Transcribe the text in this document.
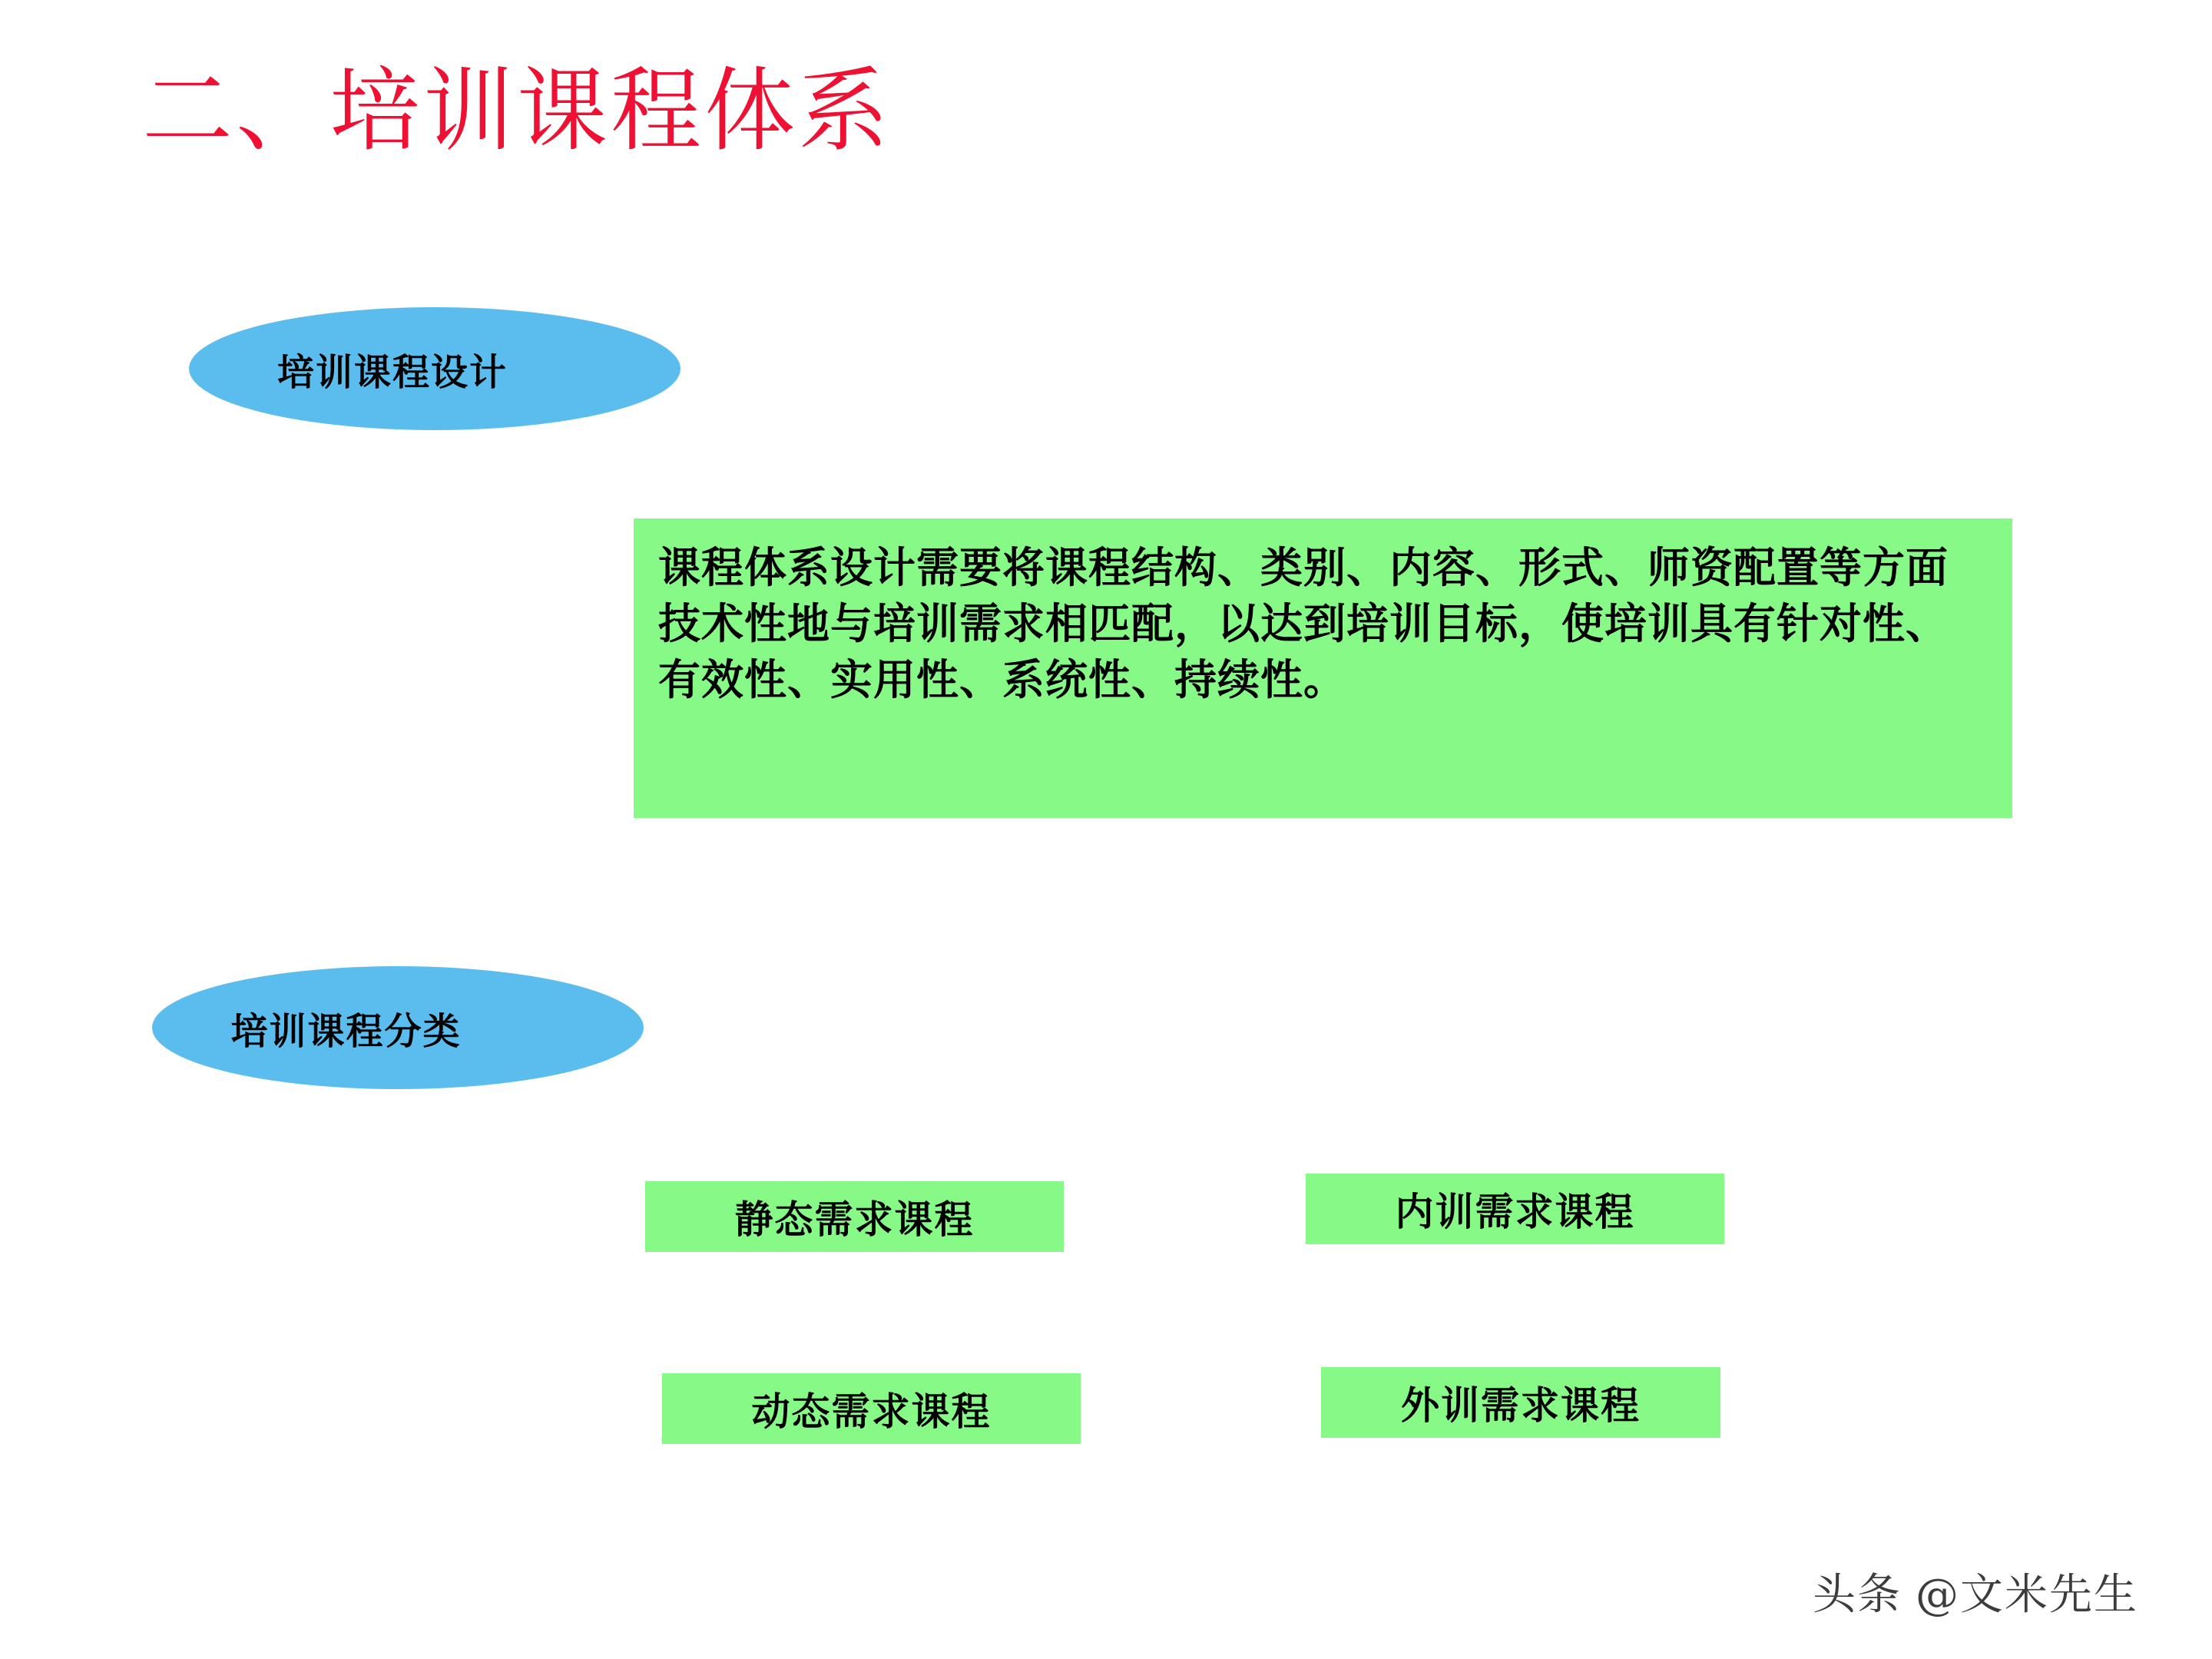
二、培训课程体系
培训课程设计

课程体系设计需要将课程结构、类别、内容、形式、师资配置等方面技术性地与培训需求相匹配，以达到培训目标，使培训具有针对性、有效性、实用性、系统性、持续性。

培训课程分类
静态需求课程	内训需求课程
动态需求课程	外训需求课程
头条 @文米先生
